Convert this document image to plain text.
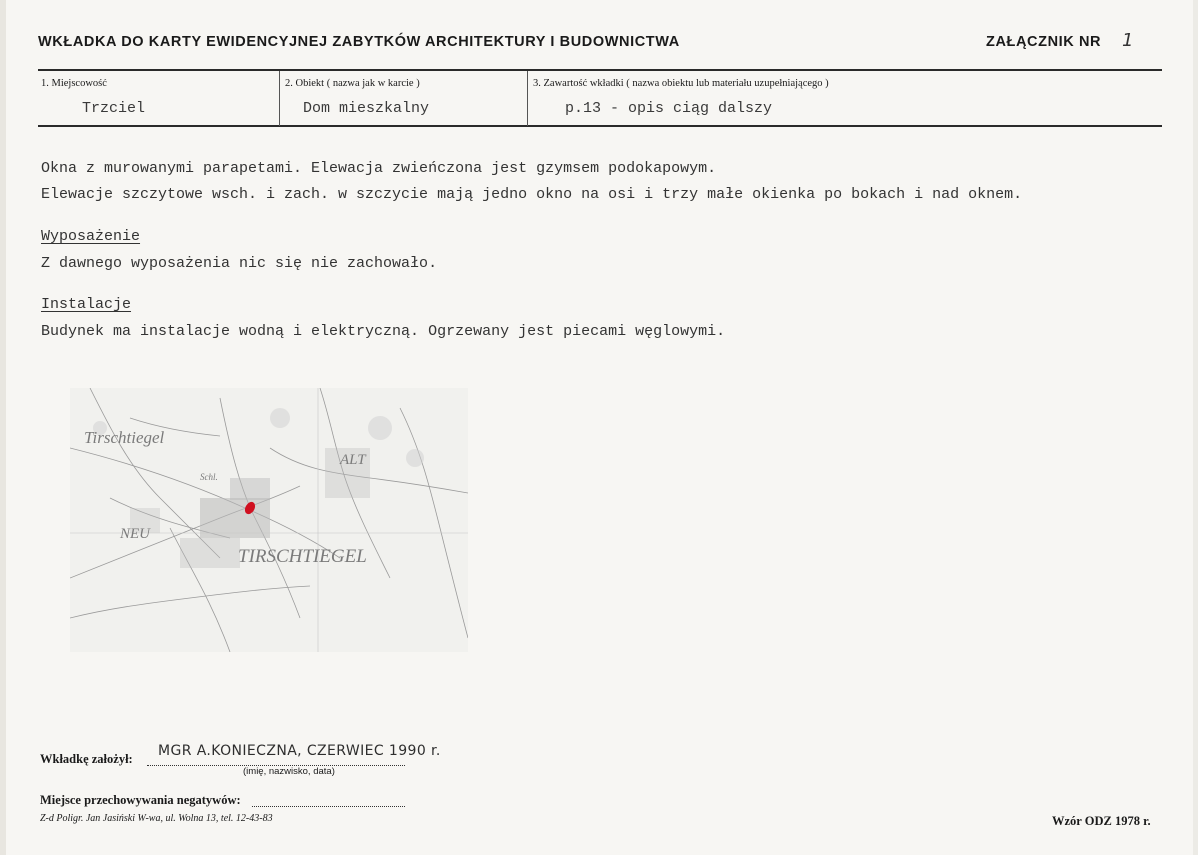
WKŁADKA DO KARTY EWIDENCYJNEJ ZABYTKÓW ARCHITEKTURY I BUDOWNICTWA	ZAŁĄCZNIK NR 1
1. Miejscowość
Trzciel
2. Obiekt ( nazwa jak w karcie )
Dom mieszkalny
3. Zawartość wkładki ( nazwa obiektu lub materiału uzupełniającego )
p.13 - opis ciąg dalszy
Okna z murowanymi parapetami. Elewacja zwieńczona jest gzymsem podokapowym.
Elewacje szczytowe wsch. i zach. w szczycie mają jedno okno na osi i trzy małe okienka po bokach i nad oknem.
Wyposażenie
Z dawnego wyposażenia nic się nie zachowało.
Instalacje
Budynek ma instalacje wodną i elektryczną. Ogrzewany jest piecami węglowymi.
Tirschtiegel
ALT
NEU
TIRSCHTIEGEL
Schl.
Wkładkę założył: MGR A.KONIECZNA, CZERWIEC 1990 r.
(imię, nazwisko, data)
Miejsce przechowywania negatywów:
Z-d Poligr. Jan Jasiński W-wa, ul. Wolna 13, tel. 12-43-83	Wzór ODZ 1978 r.
